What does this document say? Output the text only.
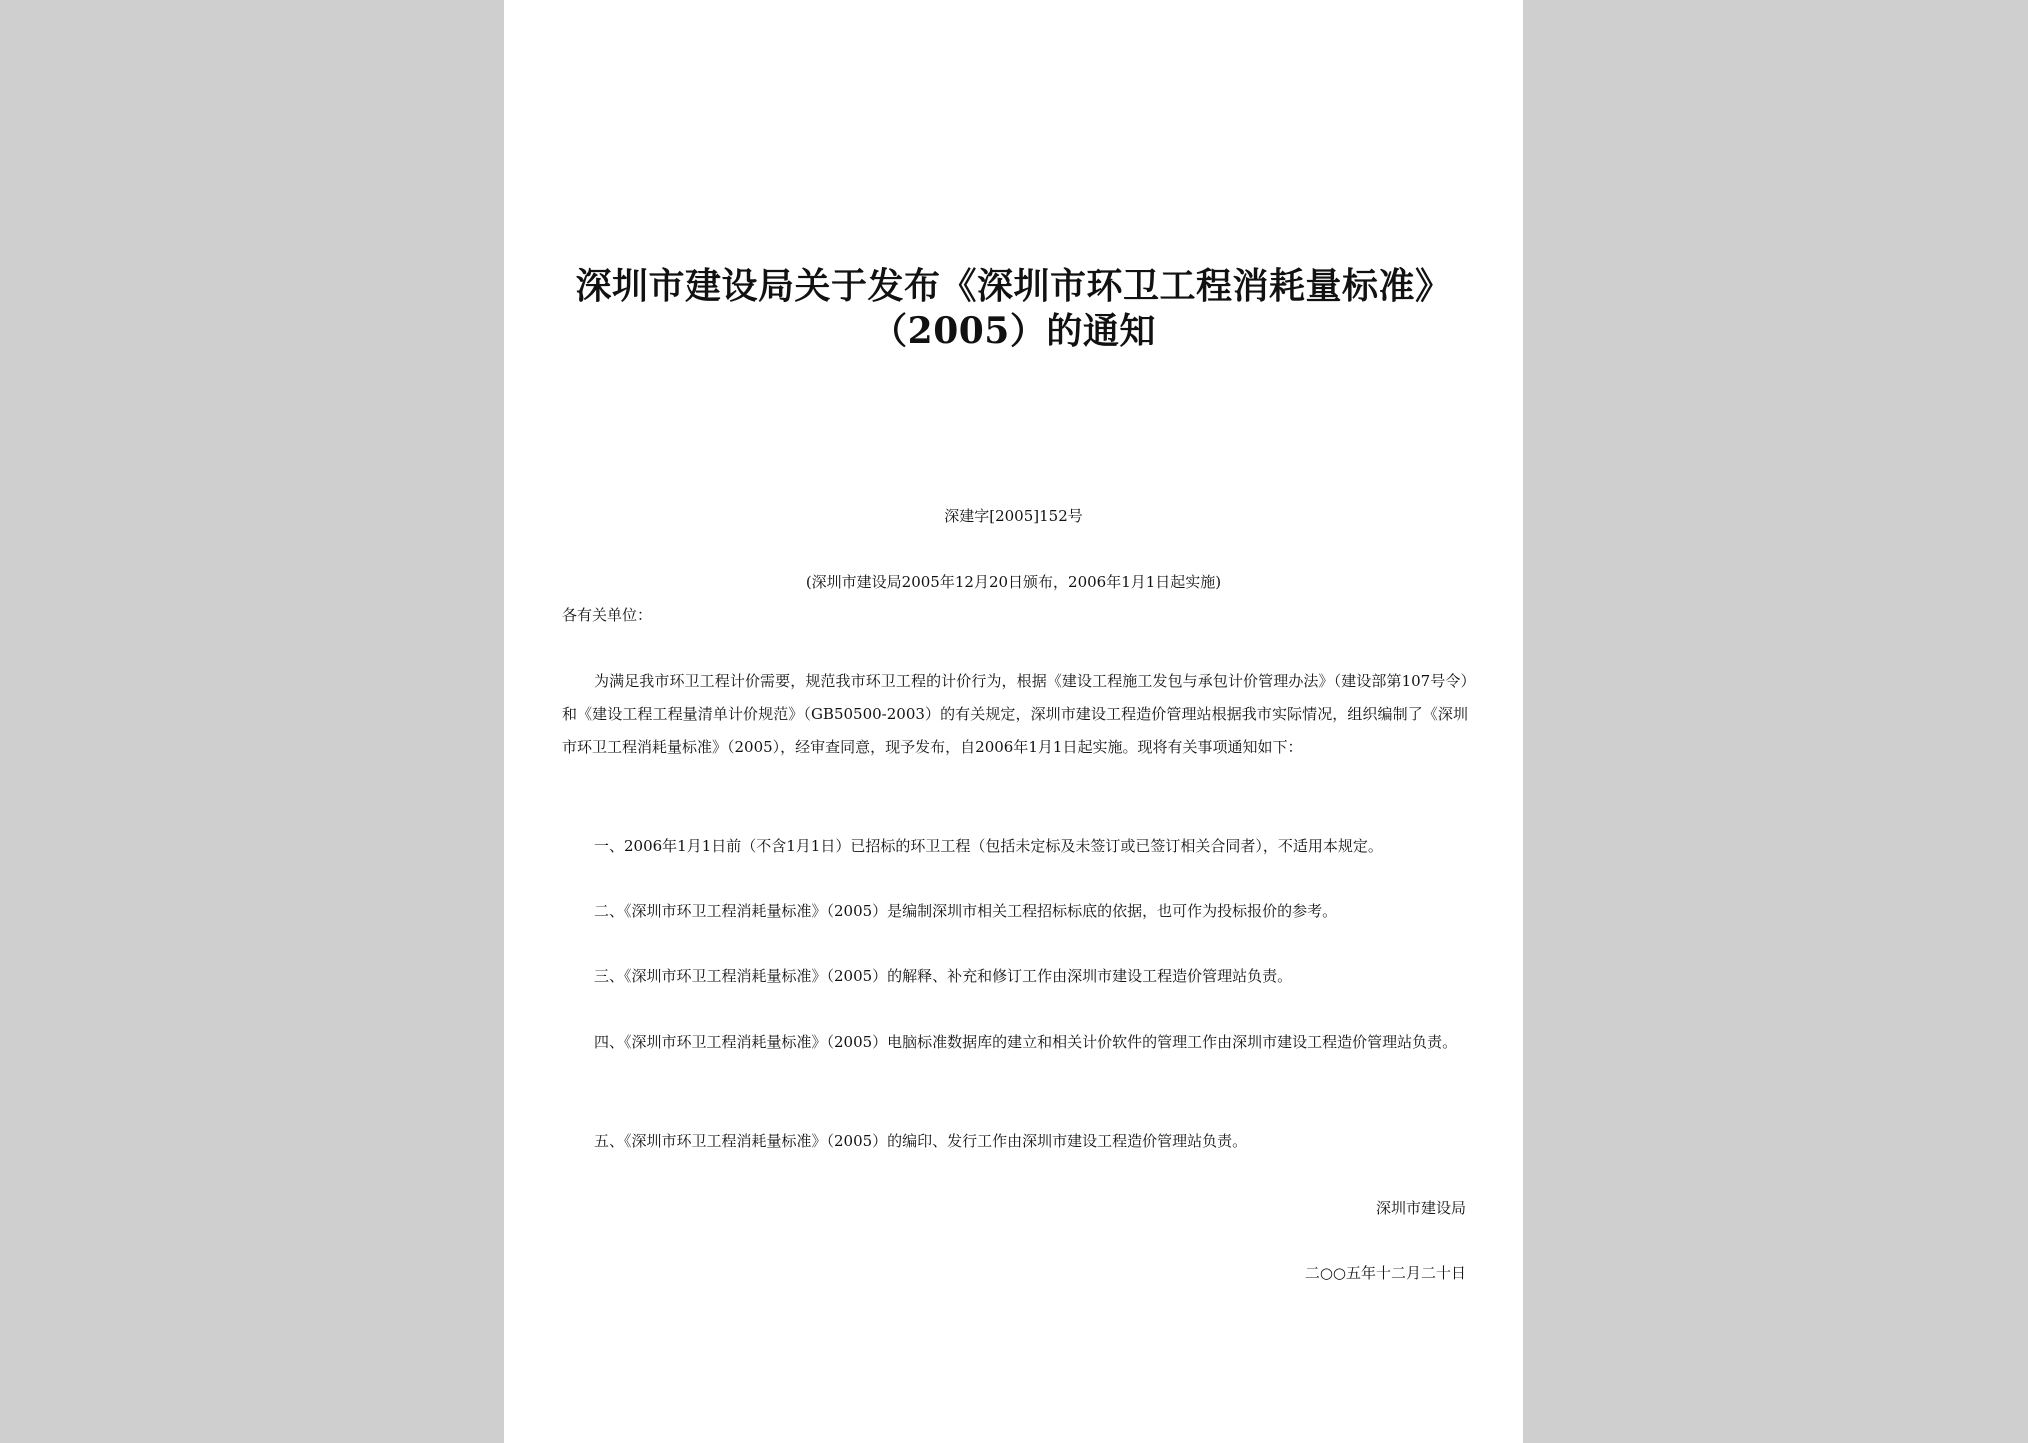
深圳市建设局关于发布《深圳市环卫工程消耗量标准》
（2005）的通知
深建字[2005]152号
(深圳市建设局2005年12月20日颁布，2006年1月1日起实施)
各有关单位：

为满足我市环卫工程计价需要，规范我市环卫工程的计价行为，根据《建设工程施工发包与承包计价管理办法》（建设部第107号令）和《建设工程工程量清单计价规范》（GB50500-2003）的有关规定，深圳市建设工程造价管理站根据我市实际情况，组织编制了《深圳市环卫工程消耗量标准》（2005），经审查同意，现予发布，自2006年1月1日起实施。现将有关事项通知如下：

一、2006年1月1日前（不含1月1日）已招标的环卫工程（包括未定标及未签订或已签订相关合同者），不适用本规定。

二、《深圳市环卫工程消耗量标准》（2005）是编制深圳市相关工程招标标底的依据，也可作为投标报价的参考。

三、《深圳市环卫工程消耗量标准》（2005）的解释、补充和修订工作由深圳市建设工程造价管理站负责。

四、《深圳市环卫工程消耗量标准》（2005）电脑标准数据库的建立和相关计价软件的管理工作由深圳市建设工程造价管理站负责。

五、《深圳市环卫工程消耗量标准》（2005）的编印、发行工作由深圳市建设工程造价管理站负责。

深圳市建设局
二○○五年十二月二十日
